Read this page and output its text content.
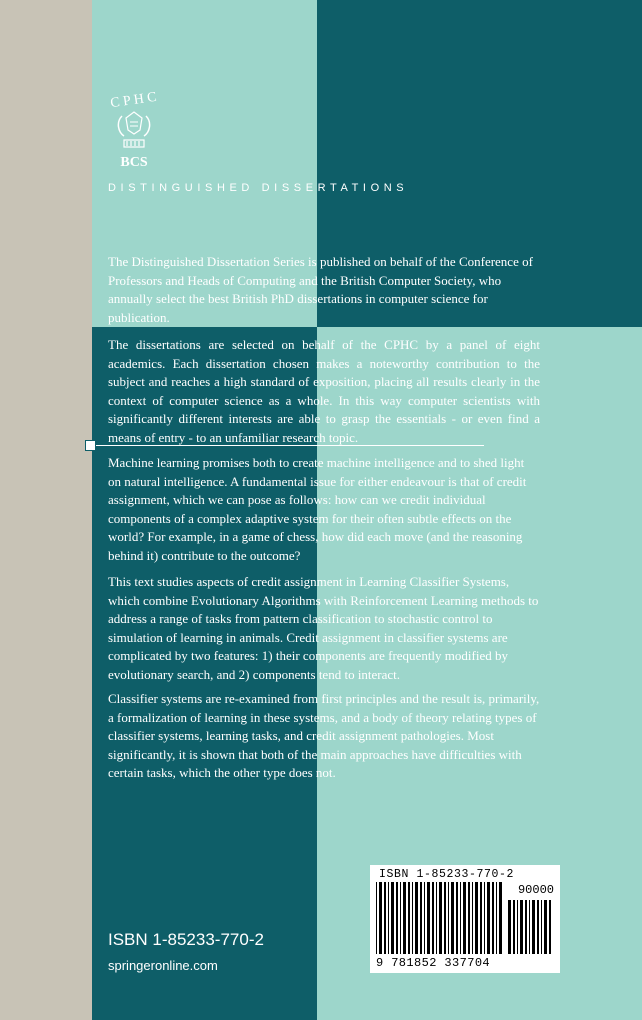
C P H C
BCS

DISTINGUISHED DISSERTATIONS

The Distinguished Dissertation Series is published on behalf of the Conference of Professors and Heads of Computing and the British Computer Society, who annually select the best British PhD dissertations in computer science for publication.

The dissertations are selected on behalf of the CPHC by a panel of eight academics. Each dissertation chosen makes a noteworthy contribution to the subject and reaches a high standard of exposition, placing all results clearly in the context of computer science as a whole. In this way computer scientists with significantly different interests are able to grasp the essentials - or even find a means of entry - to an unfamiliar research topic.

Machine learning promises both to create machine intelligence and to shed light on natural intelligence. A fundamental issue for either endeavour is that of credit assignment, which we can pose as follows: how can we credit individual components of a complex adaptive system for their often subtle effects on the world? For example, in a game of chess, how did each move (and the reasoning behind it) contribute to the outcome?

This text studies aspects of credit assignment in Learning Classifier Systems, which combine Evolutionary Algorithms with Reinforcement Learning methods to address a range of tasks from pattern classification to stochastic control to simulation of learning in animals. Credit assignment in classifier systems are complicated by two features: 1) their components are frequently modified by evolutionary search, and 2) components tend to interact.

Classifier systems are re-examined from first principles and the result is, primarily, a formalization of learning in these systems, and a body of theory relating types of classifier systems, learning tasks, and credit assignment pathologies. Most significantly, it is shown that both of the main approaches have difficulties with certain tasks, which the other type does not.

ISBN 1-85233-770-2

springeronline.com

ISBN 1-85233-770-2

90000

9 781852 337704
